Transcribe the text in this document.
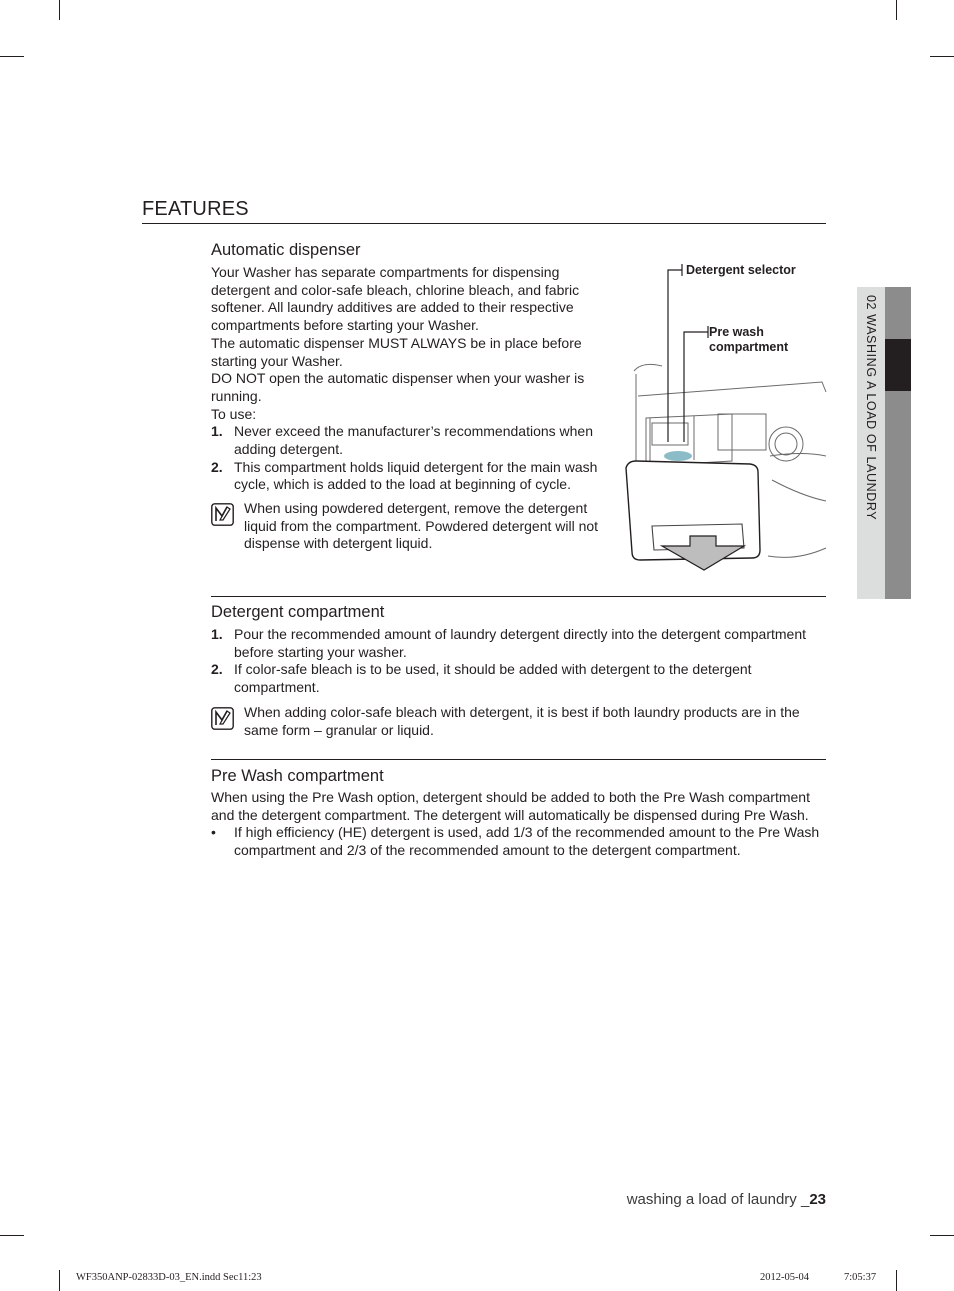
FEATURES
Automatic dispenser

Your Washer has separate compartments for dispensing detergent and color-safe bleach, chlorine bleach, and fabric softener. All laundry additives are added to their respective compartments before starting your Washer.

The automatic dispenser MUST ALWAYS be in place before starting your Washer.

DO NOT open the automatic dispenser when your washer is running.

To use:

1. Never exceed the manufacturer’s recommendations when adding detergent.
2. This compartment holds liquid detergent for the main wash cycle, which is added to the load at beginning of cycle.
When using powdered detergent, remove the detergent liquid from the compartment. Powdered detergent will not dispense with detergent liquid.
Detergent selector
Pre wash compartment
Detergent compartment
1. Pour the recommended amount of laundry detergent directly into the detergent compartment before starting your washer.
2. If color-safe bleach is to be used, it should be added with detergent to the detergent compartment.
When adding color-safe bleach with detergent, it is best if both laundry products are in the same form – granular or liquid.
Pre Wash compartment

When using the Pre Wash option, detergent should be added to both the Pre Wash compartment and the detergent compartment. The detergent will automatically be dispensed during Pre Wash.

• If high efficiency (HE) detergent is used, add 1/3 of the recommended amount to the Pre Wash compartment and 2/3 of the recommended amount to the detergent compartment.
02 WASHING A LOAD OF LAUNDRY
washing a load of laundry _23
WF350ANP-02833D-03_EN.indd Sec11:23	2012-05-04	7:05:37
